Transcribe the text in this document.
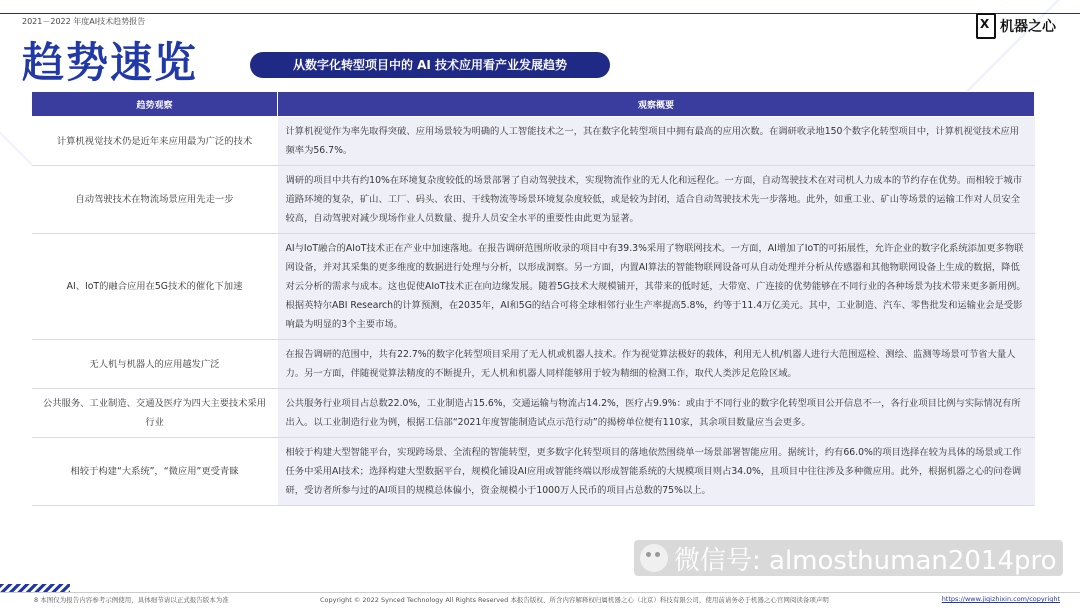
2021－2022 年度AI技术趋势报告 X	机器之心
趋势速览	从数字化转型项目中的 AI 技术应用看产业发展趋势
趋势观察	观察概要
计算机视觉技术仍是近年来应用最为广泛的技术	计算机视觉作为率先取得突破、应用场景较为明确的人工智能技术之一，其在数字化转型项目中拥有最高的应用次数。在调研收录地150个数字化转型项目中，计算机视觉技术应用频率为56.7%。
自动驾驶技术在物流场景应用先走一步	调研的项目中共有约10%在环境复杂度较低的场景部署了自动驾驶技术，实现物流作业的无人化和远程化。一方面，自动驾驶技术在对司机人力成本的节约存在优势。而相较于城市道路环境的复杂，矿山、工厂、码头、农田、干线物流等场景环境复杂度较低，或是较为封闭，适合自动驾驶技术先一步落地。此外，如重工业、矿山等场景的运输工作对人员安全较高，自动驾驶对减少现场作业人员数量、提升人员安全水平的重要性由此更为显著。
AI、IoT的融合应用在5G技术的催化下加速	AI与IoT融合的AIoT技术正在产业中加速落地。在报告调研范围所收录的项目中有39.3%采用了物联网技术。一方面，AI增加了IoT的可拓展性，允许企业的数字化系统添加更多物联网设备，并对其采集的更多维度的数据进行处理与分析，以形成洞察。另一方面，内置AI算法的智能物联网设备可从自动处理并分析从传感器和其他物联网设备上生成的数据，降低对云分析的需求与成本。这也促使AIoT技术正在向边缘发展。随着5G技术大规模铺开，其带来的低时延，大带宽、广连接的优势能够在不同行业的各种场景为技术带来更多新用例。根据英特尔ABI Research的计算预测，在2035年，AI和5G的结合可将全球相邻行业生产率提高5.8%，约等于11.4万亿美元。其中，工业制造、汽车、零售批发和运输业会是受影响最为明显的3个主要市场。
无人机与机器人的应用越发广泛	在报告调研的范围中，共有22.7%的数字化转型项目采用了无人机或机器人技术。作为视觉算法极好的载体，利用无人机/机器人进行大范围巡检、测绘、监测等场景可节省大量人力。另一方面，伴随视觉算法精度的不断提升，无人机和机器人同样能够用于较为精细的检测工作，取代人类涉足危险区域。
公共服务、工业制造、交通及医疗为四大主要技术采用行业	公共服务行业项目占总数22.0%，工业制造占15.6%，交通运输与物流占14.2%，医疗占9.9%：或由于不同行业的数字化转型项目公开信息不一，各行业项目比例与实际情况有所出入。以工业制造行业为例，根据工信部“2021年度智能制造试点示范行动”的揭榜单位便有110家，其余项目数量应当会更多。
相较于构建“大系统”，“微应用”更受青睐	相较于构建大型智能平台，实现跨场景、全流程的智能转型，更多数字化转型项目的落地依然围绕单一场景部署智能应用。据统计，约有66.0%的项目选择在较为具体的场景或工作任务中采用AI技术；选择构建大型数据平台，规模化铺设AI应用或智能终端以形成智能系统的大规模项目则占34.0%，且项目中往往涉及多种微应用。此外，根据机器之心的问卷调研，受访者所参与过的AI项目的规模总体偏小，资金规模小于1000万人民币的项目占总数的75%以上。
微信号: almosthuman2014pro
8 本图仅为报告内容参考示例使用，具体细节请以正式报告版本为准	Copyright © 2022 Synced Technology All Rights Reserved 本报告版权、所含内容解释权归属机器之心（北京）科技有限公司，使用前请务必于机器之心官网阅读备项声明	https://www.jiqizhixin.com/copyright
